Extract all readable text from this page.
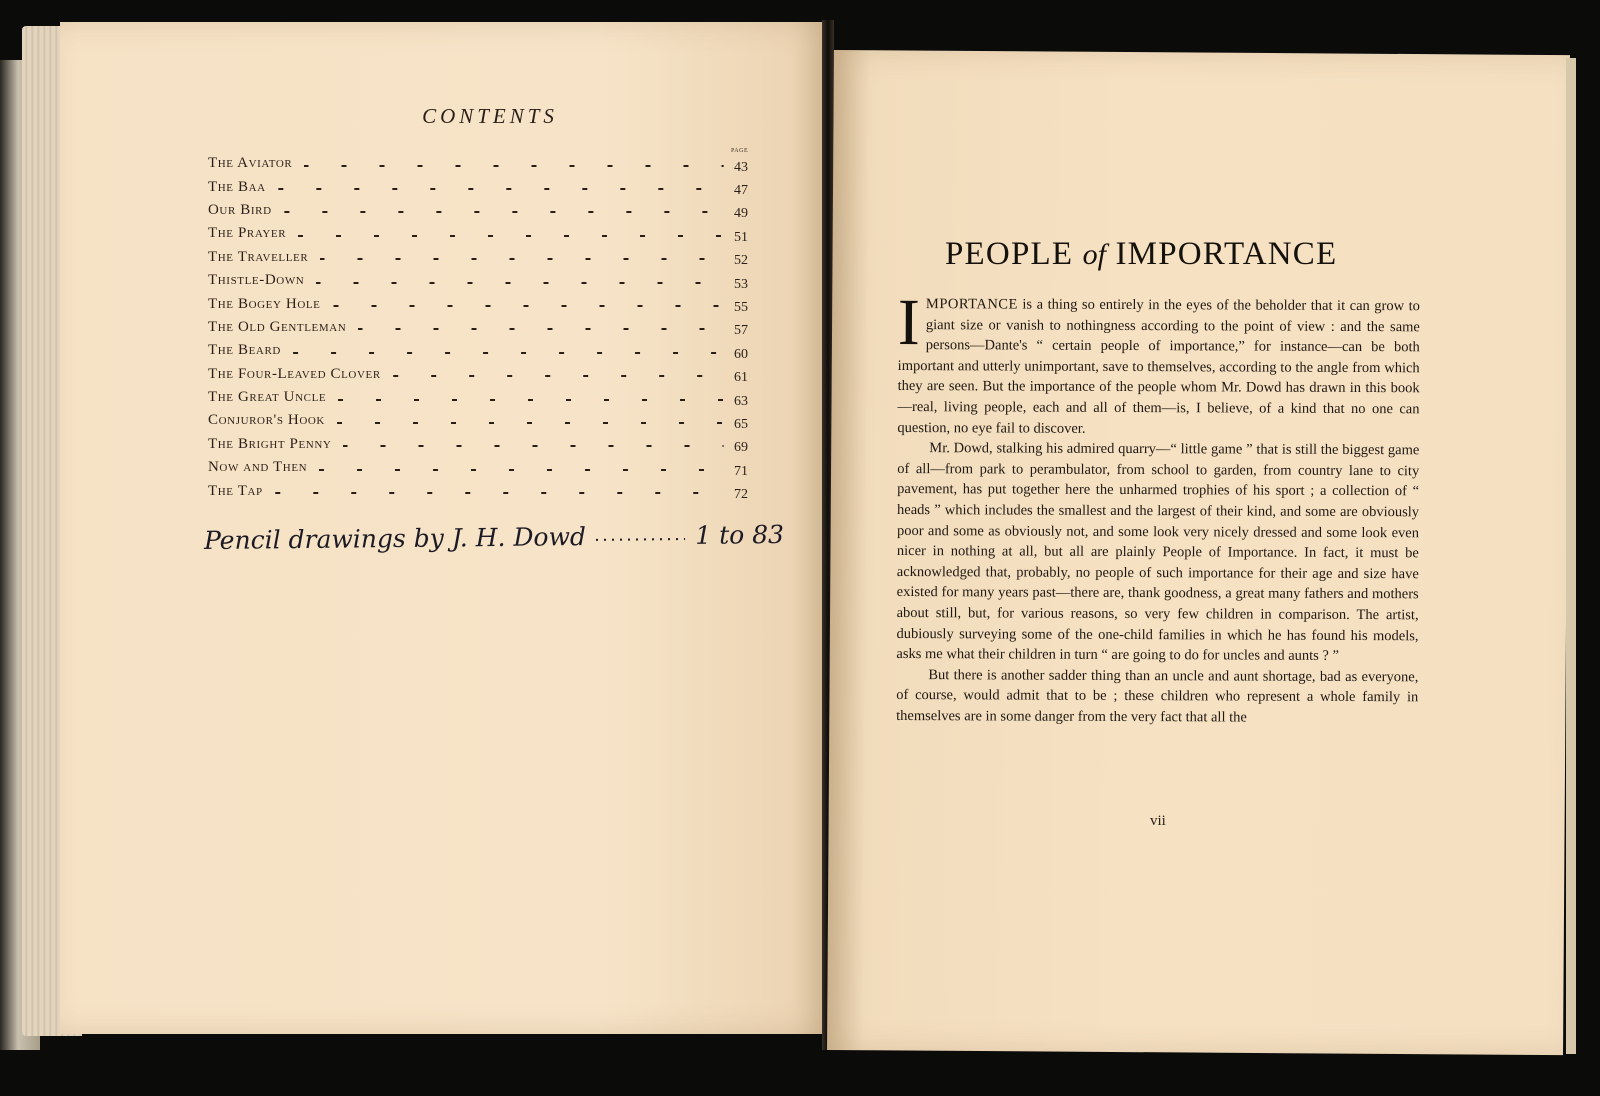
CONTENTS
PAGE
The Aviator	43
The Baa	47
Our Bird	49
The Prayer	51
The Traveller	52
Thistle-Down	53
The Bogey Hole	55
The Old Gentleman	57
The Beard	60
The Four-Leaved Clover	61
The Great Uncle	63
Conjuror's Hook	65
The Bright Penny	69
Now and Then	71
The Tap	72
Pencil drawings by J. H. Dowd	1 to 83
PEOPLE of IMPORTANCE

IMPORTANCE is a thing so entirely in the eyes of the beholder that it can grow to giant size or vanish to nothingness according to the point of view : and the same persons—Dante's “ certain people of importance,” for instance—can be both important and utterly unimportant, save to themselves, according to the angle from which they are seen. But the importance of the people whom Mr. Dowd has drawn in this book—real, living people, each and all of them—is, I believe, of a kind that no one can question, no eye fail to discover.

Mr. Dowd, stalking his admired quarry—“ little game ” that is still the biggest game of all—from park to perambulator, from school to garden, from country lane to city pavement, has put together here the unharmed trophies of his sport ; a collection of “ heads ” which includes the smallest and the largest of their kind, and some are obviously poor and some as obviously not, and some look very nicely dressed and some look even nicer in nothing at all, but all are plainly People of Importance. In fact, it must be acknowledged that, probably, no people of such importance for their age and size have existed for many years past—there are, thank goodness, a great many fathers and mothers about still, but, for various reasons, so very few children in comparison. The artist, dubiously surveying some of the one-child families in which he has found his models, asks me what their children in turn “ are going to do for uncles and aunts ? ”

But there is another sadder thing than an uncle and aunt shortage, bad as everyone, of course, would admit that to be ; these children who represent a whole family in themselves are in some danger from the very fact that all the

vii
